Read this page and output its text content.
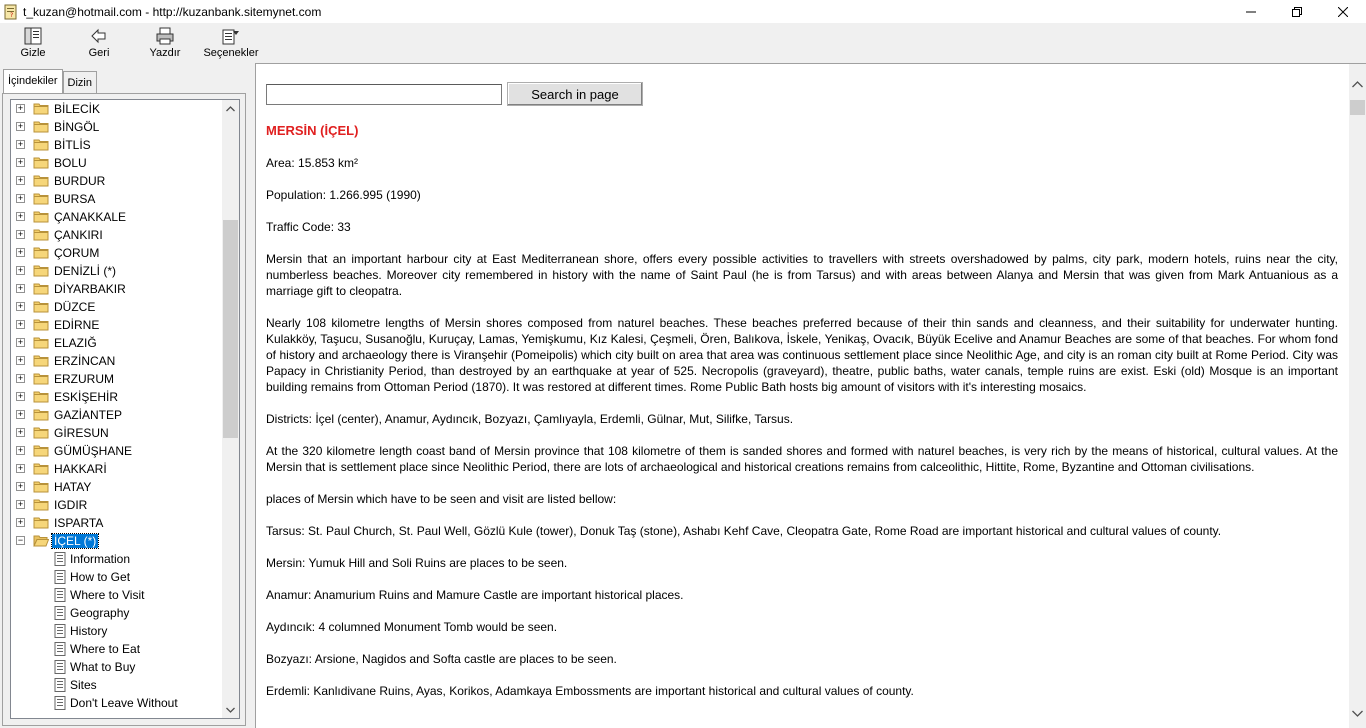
? t_kuzan@hotmail.com - http://kuzanbank.sitemynet.com
Gizle	Geri	Yazdır Seçenekler
İçindekiler Dizin
+	BİLECİK
+	BİNGÖL
+	BİTLİS
+	BOLU
+	BURDUR
+	BURSA
+	ÇANAKKALE
+	ÇANKIRI
+	ÇORUM
+	DENİZLİ (*)
+	DİYARBAKIR
+	DÜZCE
+	EDİRNE
+	ELAZIĞ
+	ERZİNCAN
+	ERZURUM
+	ESKİŞEHİR
+	GAZİANTEP
+	GİRESUN
+	GÜMÜŞHANE
+	HAKKARİ
+	HATAY
+	IGDIR
+	ISPARTA
−	İÇEL (*)
Information
How to Get
Where to Visit
Geography
History
Where to Eat
What to Buy
Sites
Don't Leave Without
Search in page
MERSİN (İÇEL)
Area: 15.853 km²
Population: 1.266.995 (1990)
Traffic Code: 33
Mersin that an important harbour city at East Mediterranean shore, offers every possible activities to travellers with streets overshadowed by palms, city park, modern hotels, ruins near the city, numberless beaches. Moreover city remembered in history with the name of Saint Paul (he is from Tarsus) and with areas between Alanya and Mersin that was given from Mark Antuanious as a marriage gift to cleopatra.
Nearly 108 kilometre lengths of Mersin shores composed from naturel beaches. These beaches preferred because of their thin sands and cleanness, and their suitability for underwater hunting. Kulakköy, Taşucu, Susanoğlu, Kuruçay, Lamas, Yemişkumu, Kız Kalesi, Çeşmeli, Ören, Balıkova, İskele, Yenikaş, Ovacık, Büyük Ecelive and Anamur Beaches are some of that beaches. For whom fond of history and archaeology there is Viranşehir (Pomeipolis) which city built on area that area was continuous settlement place since Neolithic Age, and city is an roman city built at Rome Period. City was Papacy in Christianity Period, than destroyed by an earthquake at year of 525. Necropolis (graveyard), theatre, public baths, water canals, temple ruins are exist. Eski (old) Mosque is an important building remains from Ottoman Period (1870). It was restored at different times. Rome Public Bath hosts big amount of visitors with it's interesting mosaics.
Districts: İçel (center), Anamur, Aydıncık, Bozyazı, Çamlıyayla, Erdemli, Gülnar, Mut, Silifke, Tarsus.
At the 320 kilometre length coast band of Mersin province that 108 kilometre of them is sanded shores and formed with naturel beaches, is very rich by the means of historical, cultural values. At the Mersin that is settlement place since Neolithic Period, there are lots of archaeological and historical creations remains from calceolithic, Hittite, Rome, Byzantine and Ottoman civilisations.
places of Mersin which have to be seen and visit are listed bellow:
Tarsus: St. Paul Church, St. Paul Well, Gözlü Kule (tower), Donuk Taş (stone), Ashabı Kehf Cave, Cleopatra Gate, Rome Road are important historical and cultural values of county.
Mersin: Yumuk Hill and Soli Ruins are places to be seen.
Anamur: Anamurium Ruins and Mamure Castle are important historical places.
Aydıncık: 4 columned Monument Tomb would be seen.
Bozyazı: Arsione, Nagidos and Softa castle are places to be seen.
Erdemli: Kanlıdivane Ruins, Ayas, Korikos, Adamkaya Embossments are important historical and cultural values of county.
